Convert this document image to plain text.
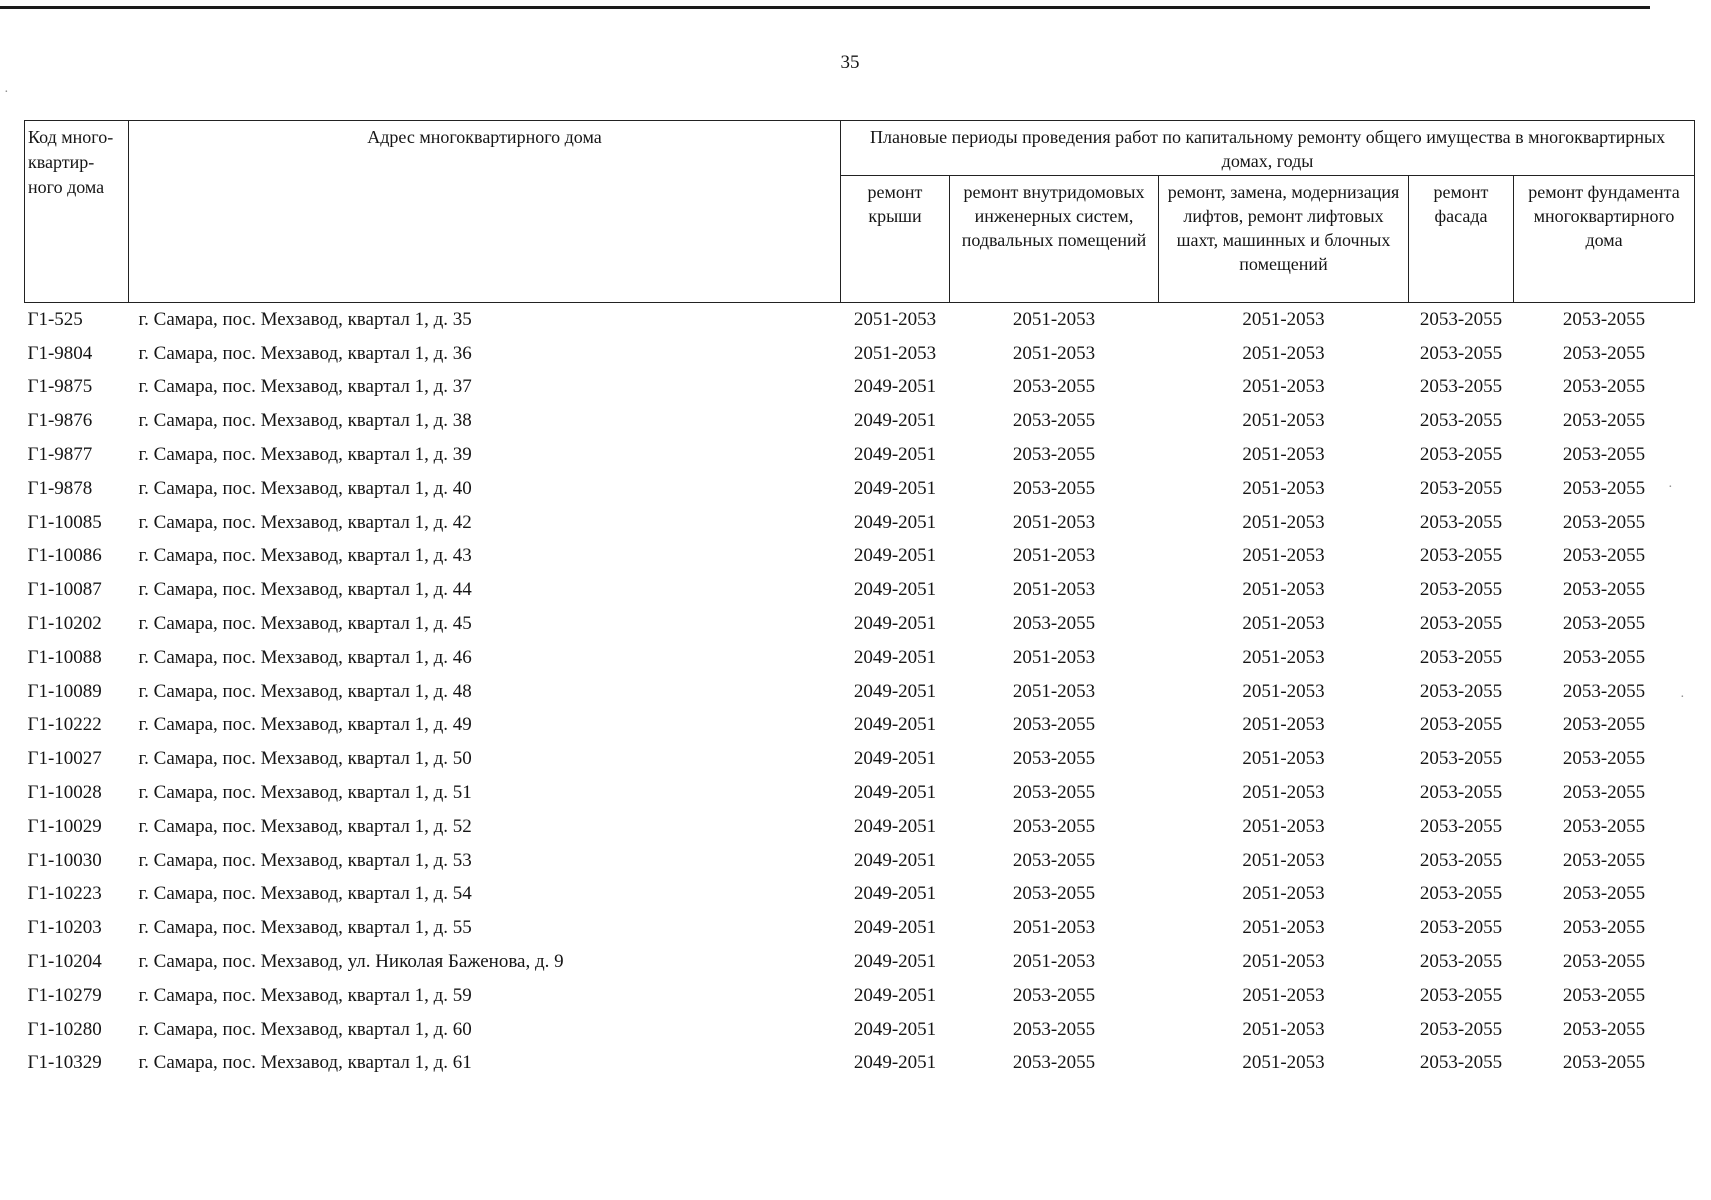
35
Код много-квартир-ного дома	Адрес многоквартирного дома	Плановые периоды проведения работ по капитальному ремонту общего имущества в многоквартирных домах, годы				
		ремонт крыши	ремонт внутридомовых инженерных систем, подвальных помещений	ремонт, замена, модернизация лифтов, ремонт лифтовых шахт, машинных и блочных помещений	ремонт фасада	ремонт фундамента многоквартирного дома
Г1-525	г. Самара, пос. Мехзавод, квартал 1, д. 35	2051-2053	2051-2053	2051-2053	2053-2055	2053-2055
Г1-9804	г. Самара, пос. Мехзавод, квартал 1, д. 36	2051-2053	2051-2053	2051-2053	2053-2055	2053-2055
Г1-9875	г. Самара, пос. Мехзавод, квартал 1, д. 37	2049-2051	2053-2055	2051-2053	2053-2055	2053-2055
Г1-9876	г. Самара, пос. Мехзавод, квартал 1, д. 38	2049-2051	2053-2055	2051-2053	2053-2055	2053-2055
Г1-9877	г. Самара, пос. Мехзавод, квартал 1, д. 39	2049-2051	2053-2055	2051-2053	2053-2055	2053-2055
Г1-9878	г. Самара, пос. Мехзавод, квартал 1, д. 40	2049-2051	2053-2055	2051-2053	2053-2055	2053-2055
Г1-10085	г. Самара, пос. Мехзавод, квартал 1, д. 42	2049-2051	2051-2053	2051-2053	2053-2055	2053-2055
Г1-10086	г. Самара, пос. Мехзавод, квартал 1, д. 43	2049-2051	2051-2053	2051-2053	2053-2055	2053-2055
Г1-10087	г. Самара, пос. Мехзавод, квартал 1, д. 44	2049-2051	2051-2053	2051-2053	2053-2055	2053-2055
Г1-10202	г. Самара, пос. Мехзавод, квартал 1, д. 45	2049-2051	2053-2055	2051-2053	2053-2055	2053-2055
Г1-10088	г. Самара, пос. Мехзавод, квартал 1, д. 46	2049-2051	2051-2053	2051-2053	2053-2055	2053-2055
Г1-10089	г. Самара, пос. Мехзавод, квартал 1, д. 48	2049-2051	2051-2053	2051-2053	2053-2055	2053-2055
Г1-10222	г. Самара, пос. Мехзавод, квартал 1, д. 49	2049-2051	2053-2055	2051-2053	2053-2055	2053-2055
Г1-10027	г. Самара, пос. Мехзавод, квартал 1, д. 50	2049-2051	2053-2055	2051-2053	2053-2055	2053-2055
Г1-10028	г. Самара, пос. Мехзавод, квартал 1, д. 51	2049-2051	2053-2055	2051-2053	2053-2055	2053-2055
Г1-10029	г. Самара, пос. Мехзавод, квартал 1, д. 52	2049-2051	2053-2055	2051-2053	2053-2055	2053-2055
Г1-10030	г. Самара, пос. Мехзавод, квартал 1, д. 53	2049-2051	2053-2055	2051-2053	2053-2055	2053-2055
Г1-10223	г. Самара, пос. Мехзавод, квартал 1, д. 54	2049-2051	2053-2055	2051-2053	2053-2055	2053-2055
Г1-10203	г. Самара, пос. Мехзавод, квартал 1, д. 55	2049-2051	2051-2053	2051-2053	2053-2055	2053-2055
Г1-10204	г. Самара, пос. Мехзавод, ул. Николая Баженова, д. 9	2049-2051	2051-2053	2051-2053	2053-2055	2053-2055
Г1-10279	г. Самара, пос. Мехзавод, квартал 1, д. 59	2049-2051	2053-2055	2051-2053	2053-2055	2053-2055
Г1-10280	г. Самара, пос. Мехзавод, квартал 1, д. 60	2049-2051	2053-2055	2051-2053	2053-2055	2053-2055
Г1-10329	г. Самара, пос. Мехзавод, квартал 1, д. 61	2049-2051	2053-2055	2051-2053	2053-2055	2053-2055
·
·
·
